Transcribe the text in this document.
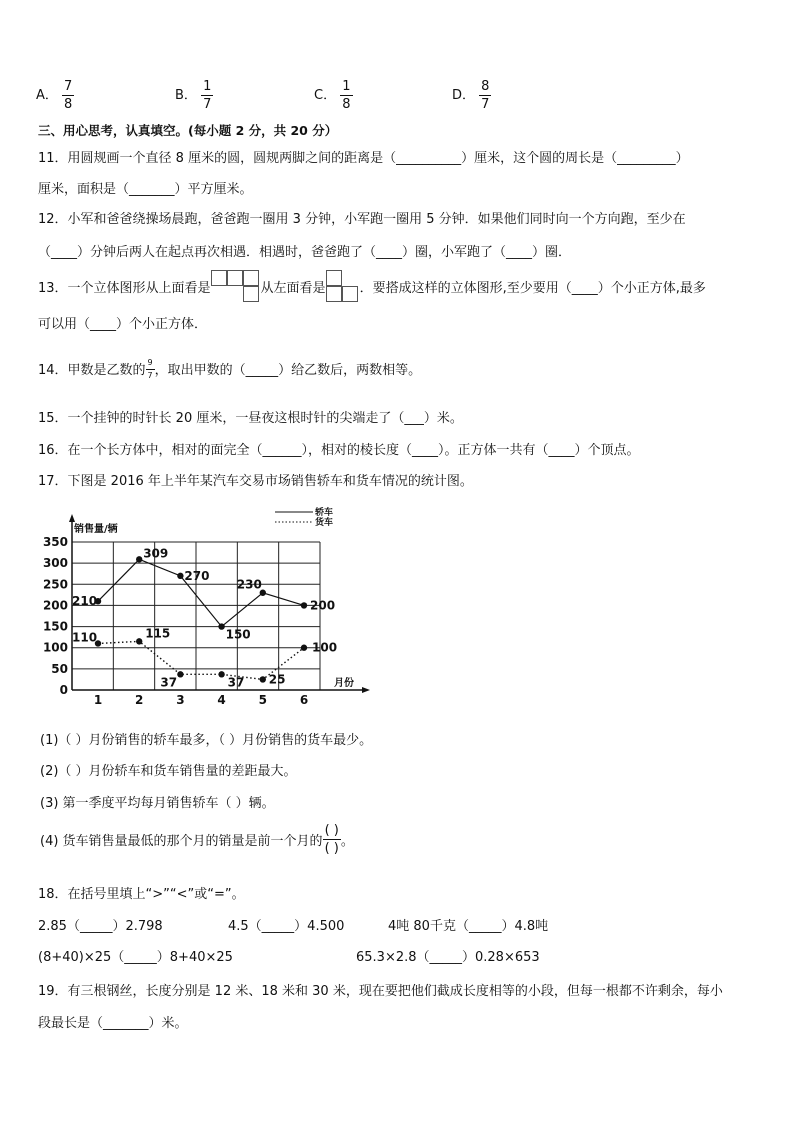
A． $\frac{7}{8}$	B． $\frac{1}{7}$	C． $\frac{1}{8}$	D． $\frac{8}{7}$
三、用心思考，认真填空。(每小题 2 分，共 20 分）
11．用圆规画一个直径 8 厘米的圆，圆规两脚之间的距离是（__________）厘米，这个圆的周长是（_________）
厘米，面积是（_______）平方厘米。
12．小军和爸爸绕操场晨跑，爸爸跑一圈用 3 分钟，小军跑一圈用 5 分钟．如果他们同时向一个方向跑，至少在
（____）分钟后两人在起点再次相遇．相遇时，爸爸跑了（____）圈，小军跑了（____）圈．
13．一个立体图形从上面看是	从左面看是	．要搭成这样的立体图形,至少要用（____）个小正方体,最多
可以用（____）个小正方体．
14．甲数是乙数的 $\frac{9}{7}$ ，取出甲数的（_____）给乙数后，两数相等。
15．一个挂钟的时针长 20 厘米，一昼夜这根时针的尖端走了（___）米。
16．在一个长方体中，相对的面完全（______），相对的棱长度（____）。正方体一共有（____）个顶点。
17．下图是 2016 年上半年某汽车交易市场销售轿车和货车情况的统计图。
0
50
100
150
200
250
300
350
1	2	3	4	5	6
销售量/辆
月份
210
309
270
150
230
200
110	115
37	37 25
100
轿车
货车
(1)（ ）月份销售的轿车最多，（ ）月份销售的货车最少。
(2)（ ）月份轿车和货车销售量的差距最大。
(3) 第一季度平均每月销售轿车（ ）辆。
(4) 货车销售量最低的那个月的销量是前一个月的 $\frac{( )}{( )}$ 。
18．在括号里填上“>”“<”或“=”。
2.85（_____）2.798	4.5（_____）4.500	4吨 80千克（_____）4.8吨
(8+40)×25（_____）8+40×25	65.3×2.8（_____）0.28×653
19．有三根钢丝，长度分别是 12 米、18 米和 30 米，现在要把他们截成长度相等的小段，但每一根都不许剩余，每小
段最长是（_______）米。
